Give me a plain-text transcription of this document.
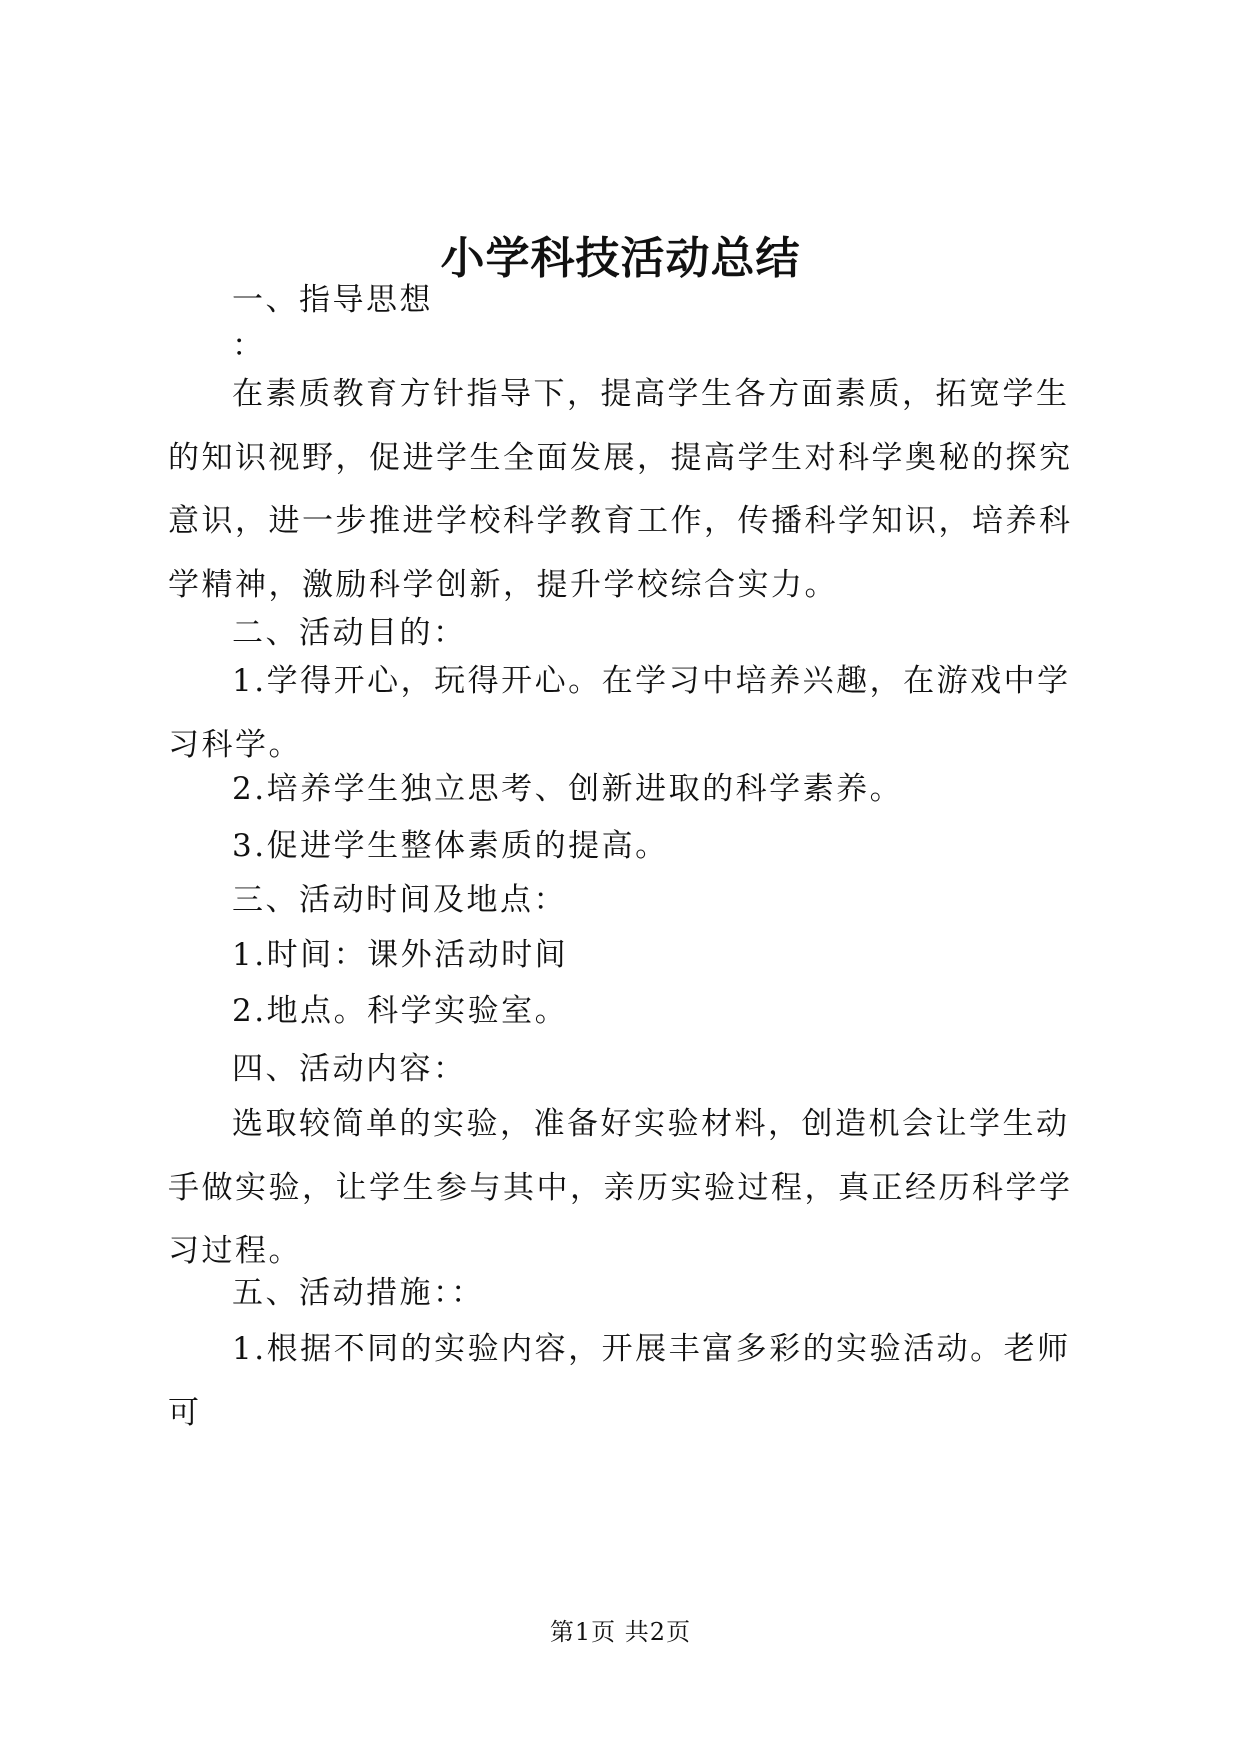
小学科技活动总结

一、指导思想

：

在素质教育方针指导下，提高学生各方面素质，拓宽学生的知识视野，促进学生全面发展，提高学生对科学奥秘的探究意识，进一步推进学校科学教育工作，传播科学知识，培养科学精神，激励科学创新，提升学校综合实力。

二、活动目的：

1.学得开心，玩得开心。在学习中培养兴趣，在游戏中学习科学。

2.培养学生独立思考、创新进取的科学素养。

3.促进学生整体素质的提高。

三、活动时间及地点：

1.时间：课外活动时间

2.地点。科学实验室。

四、活动内容：

选取较简单的实验，准备好实验材料，创造机会让学生动手做实验，让学生参与其中，亲历实验过程，真正经历科学学习过程。

五、活动措施：：

1.根据不同的实验内容，开展丰富多彩的实验活动。老师可

第1页 共2页
